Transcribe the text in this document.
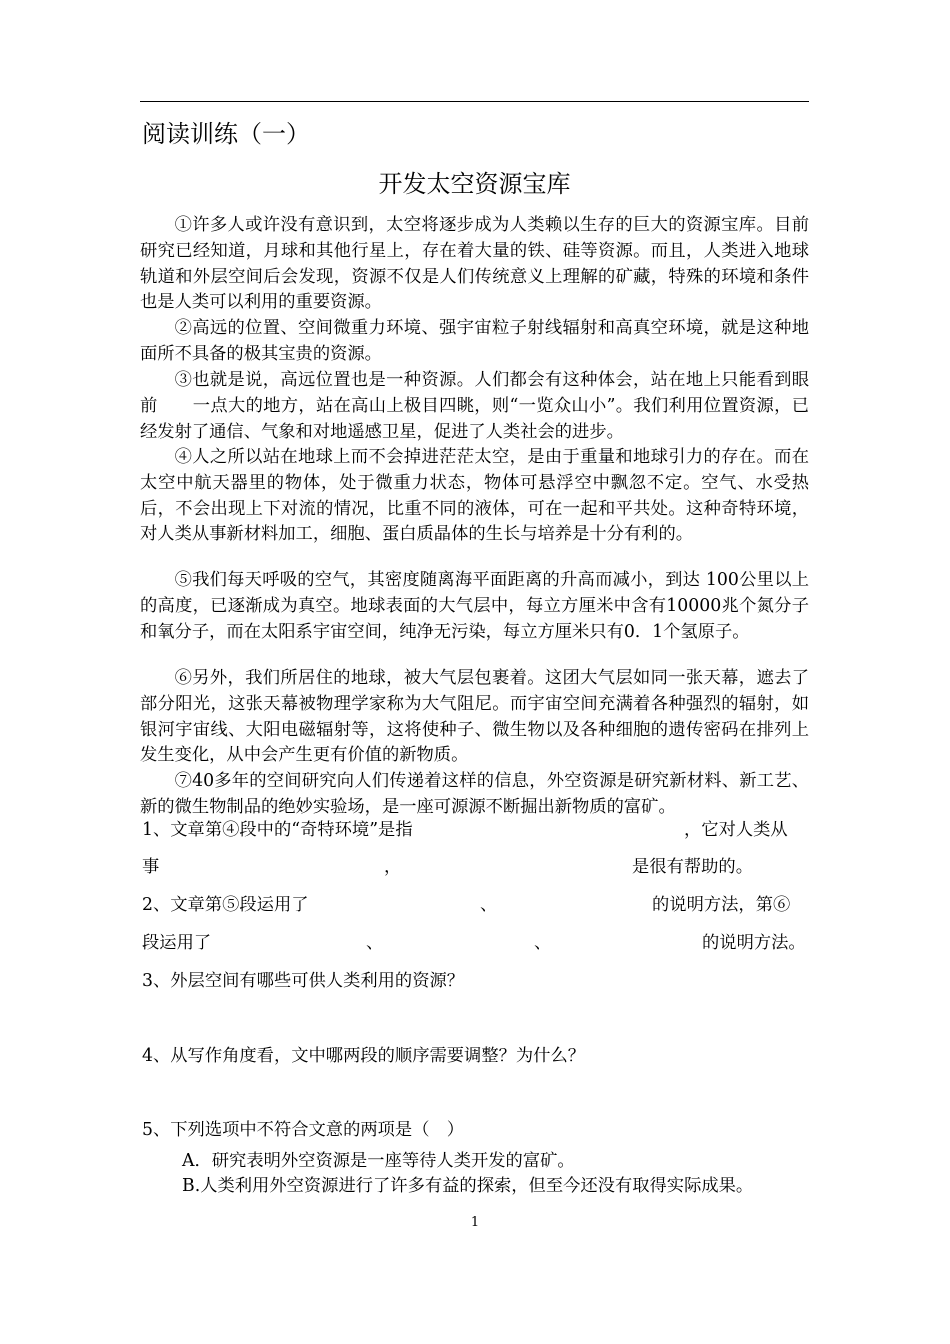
阅读训练（一）
开发太空资源宝库

①许多人或许没有意识到，太空将逐步成为人类赖以生存的巨大的资源宝库。目前研究已经知道，月球和其他行星上，存在着大量的铁、硅等资源。而且，人类进入地球轨道和外层空间后会发现，资源不仅是人们传统意义上理解的矿藏，特殊的环境和条件也是人类可以利用的重要资源。

②高远的位置、空间微重力环境、强宇宙粒子射线辐射和高真空环境，就是这种地面所不具备的极其宝贵的资源。

③也就是说，高远位置也是一种资源。人们都会有这种体会，站在地上只能看到眼前　　一点大的地方，站在高山上极目四眺，则“一览众山小”。我们利用位置资源，已经发射了通信、气象和对地遥感卫星，促进了人类社会的进步。

④人之所以站在地球上而不会掉进茫茫太空，是由于重量和地球引力的存在。而在太空中航天器里的物体，处于微重力状态，物体可悬浮空中飘忽不定。空气、水受热后，不会出现上下对流的情况，比重不同的液体，可在一起和平共处。这种奇特环境，对人类从事新材料加工，细胞、蛋白质晶体的生长与培养是十分有利的。

⑤我们每天呼吸的空气，其密度随离海平面距离的升高而减小，到达 100公里以上的高度，已逐渐成为真空。地球表面的大气层中，每立方厘米中含有10000兆个氮分子和氧分子，而在太阳系宇宙空间，纯净无污染，每立方厘米只有0．1个氢原子。

⑥另外，我们所居住的地球，被大气层包裹着。这团大气层如同一张天幕，遮去了部分阳光，这张天幕被物理学家称为大气阻尼。而宇宙空间充满着各种强烈的辐射，如银河宇宙线、大阳电磁辐射等，这将使种子、微生物以及各种细胞的遗传密码在排列上发生变化，从中会产生更有价值的新物质。

⑦40多年的空间研究向人们传递着这样的信息，外空资源是研究新材料、新工艺、新的微生物制品的绝妙实验场，是一座可源源不断掘出新物质的富矿。

1、文章第④段中的“奇特环境”是指	，它对人类从
事	，	是很有帮助的。
2、文章第⑤段运用了	、	的说明方法，第⑥
段运用了	、	、	的说明方法。
3、外层空间有哪些可供人类利用的资源？
4、从写作角度看，文中哪两段的顺序需要调整？为什么？
5、下列选项中不符合文意的两项是（　）
A．研究表明外空资源是一座等待人类开发的富矿。
B.人类利用外空资源进行了许多有益的探索，但至今还没有取得实际成果。
1
